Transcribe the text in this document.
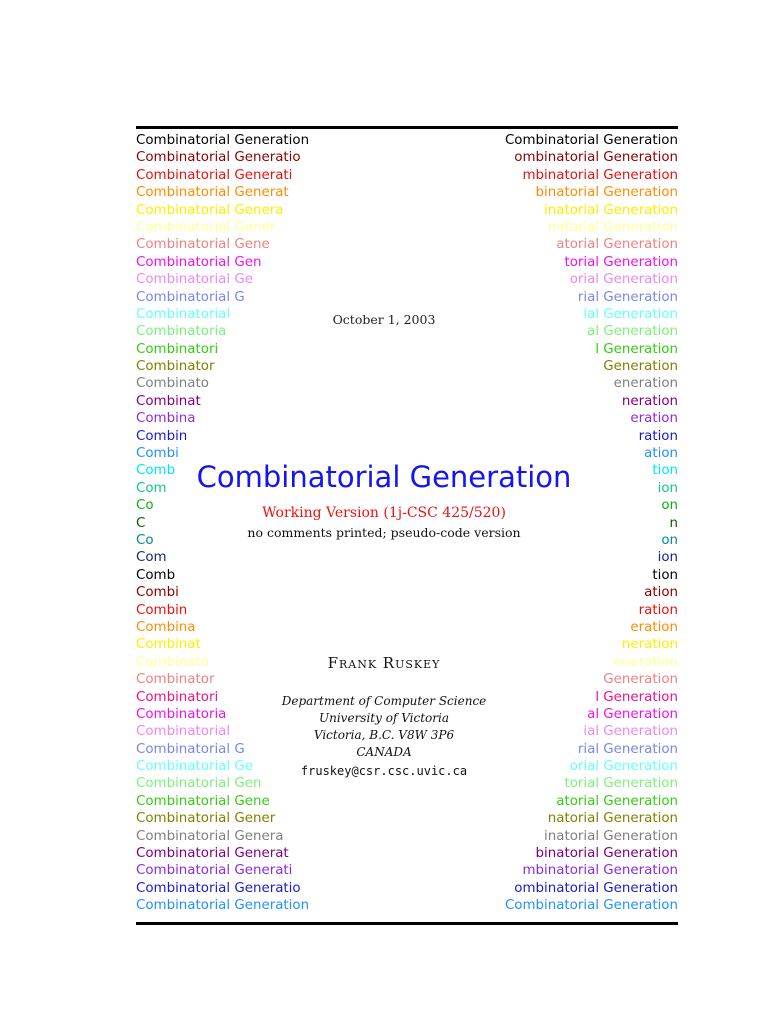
Combinatorial Generation
Combinatorial Generatio
Combinatorial Generati
Combinatorial Generat
Combinatorial Genera
Combinatorial Gener
Combinatorial Gene
Combinatorial Gen
Combinatorial Ge
Combinatorial G
Combinatorial
Combinatoria
Combinatori
Combinator
Combinato
Combinat
Combina
Combin
Combi
Comb
Com
Co
C
Co
Com
Comb
Combi
Combin
Combina
Combinat
Combinato
Combinator
Combinatori
Combinatoria
Combinatorial
Combinatorial G
Combinatorial Ge
Combinatorial Gen
Combinatorial Gene
Combinatorial Gener
Combinatorial Genera
Combinatorial Generat
Combinatorial Generati
Combinatorial Generatio
Combinatorial Generation
Combinatorial Generation
ombinatorial Generation
mbinatorial Generation
binatorial Generation
inatorial Generation
natorial Generation
atorial Generation
torial Generation
orial Generation
rial Generation
ial Generation
al Generation
l Generation
Generation
eneration
neration
eration
ration
ation
tion
ion
on
n
on
ion
tion
ation
ration
eration
neration
eneration
Generation
l Generation
al Generation
ial Generation
rial Generation
orial Generation
torial Generation
atorial Generation
natorial Generation
inatorial Generation
binatorial Generation
mbinatorial Generation
ombinatorial Generation
Combinatorial Generation
October 1, 2003
Combinatorial Generation
Working Version (1j-CSC 425/520)
no comments printed; pseudo-code version
Frank Ruskey
Department of Computer Science
University of Victoria
Victoria, B.C. V8W 3P6
CANADA
fruskey@csr.csc.uvic.ca
